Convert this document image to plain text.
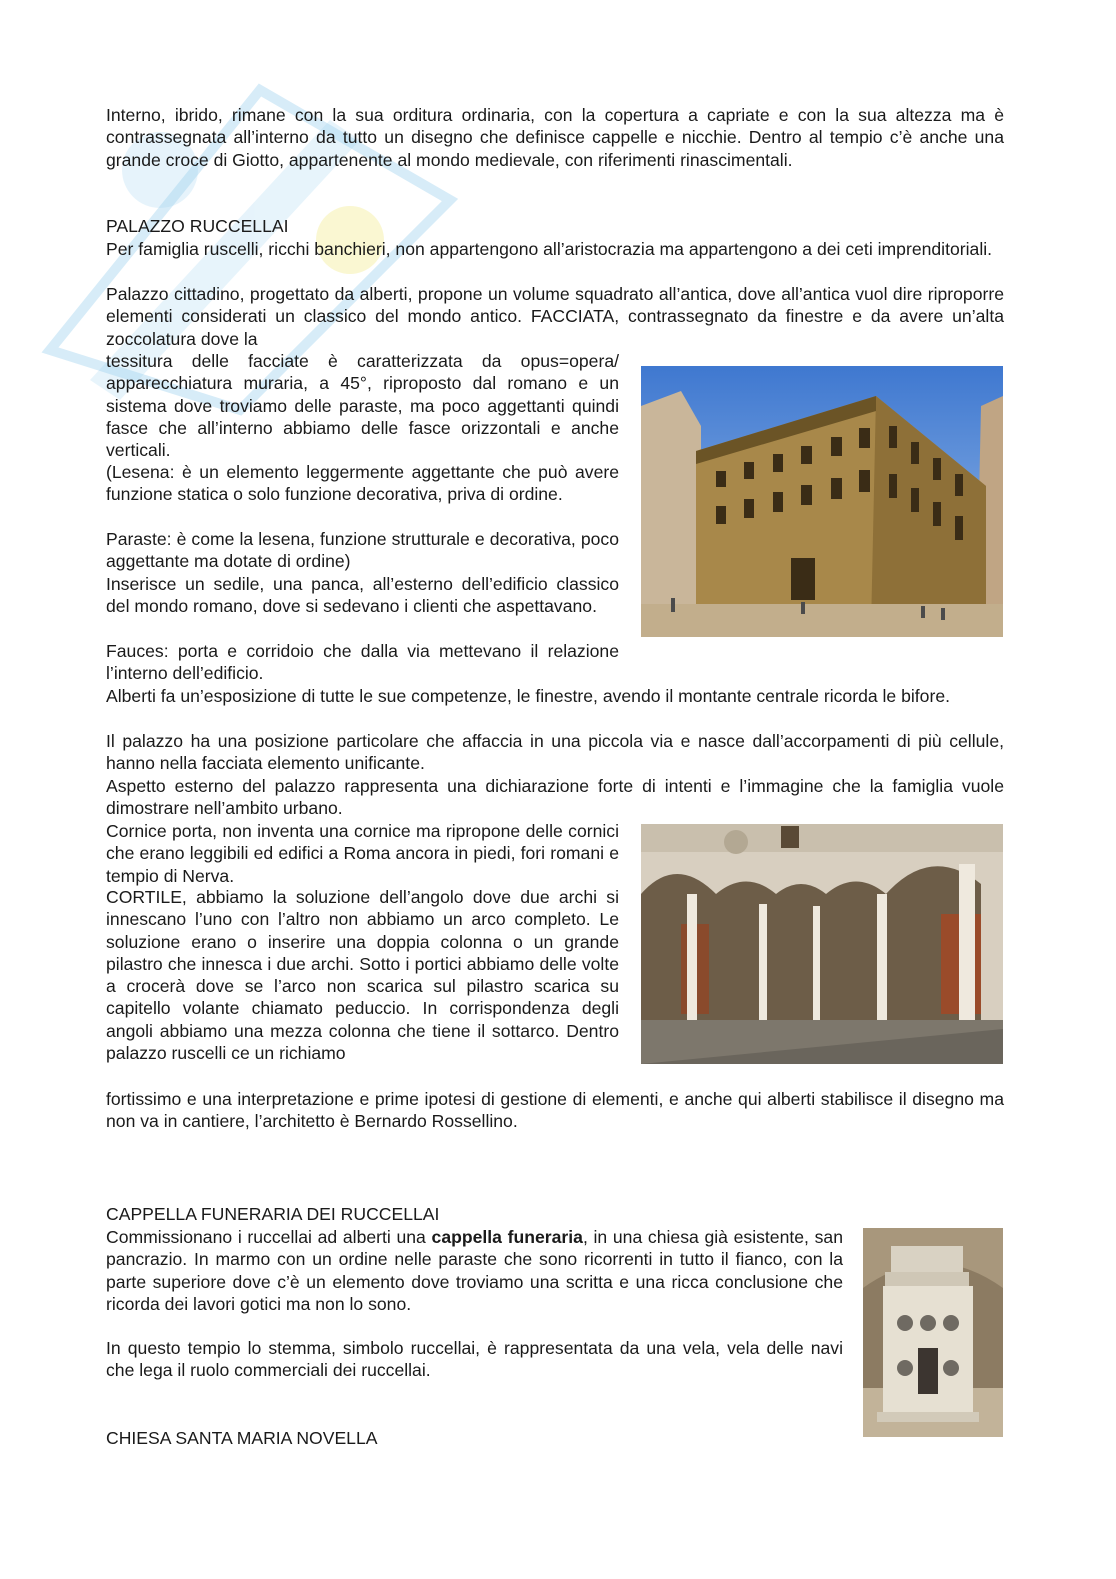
Interno, ibrido, rimane con la sua orditura ordinaria, con la copertura a capriate e con la sua altezza ma è contrassegnata all’interno da tutto un disegno che definisce cappelle e nicchie. Dentro al tempio c’è anche una grande croce di Giotto, appartenente al mondo medievale, con riferimenti rinascimentali.

PALAZZO RUCCELLAI

Per famiglia ruscelli, ricchi banchieri, non appartengono all’aristocrazia ma appartengono a dei ceti imprenditoriali.

Palazzo cittadino, progettato da alberti, propone un volume squadrato all’antica, dove all’antica vuol dire riproporre elementi considerati un classico del mondo antico. FACCIATA, contrassegnato da finestre e da avere un’alta zoccolatura dove la

tessitura delle facciate è caratterizzata da opus=opera/ apparecchiatura muraria, a 45°, riproposto dal romano e un sistema dove troviamo delle paraste, ma poco aggettanti quindi fasce che all’interno abbiamo delle fasce orizzontali e anche verticali.

(Lesena: è un elemento leggermente aggettante che può avere funzione statica o solo funzione decorativa, priva di ordine.

Paraste: è come la lesena, funzione strutturale e decorativa, poco aggettante ma dotate di ordine)

Inserisce un sedile, una panca, all’esterno dell’edificio classico del mondo romano, dove si sedevano i clienti che aspettavano.

Fauces: porta e corridoio che dalla via mettevano il relazione l’interno dell’edificio.

Alberti fa un’esposizione di tutte le sue competenze, le finestre, avendo il montante centrale ricorda le bifore.

Il palazzo ha una posizione particolare che affaccia in una piccola via e nasce dall’accorpamenti di più cellule, hanno nella facciata elemento unificante.

Aspetto esterno del palazzo rappresenta una dichiarazione forte di intenti e l’immagine che la famiglia vuole dimostrare nell’ambito urbano.

Cornice porta, non inventa una cornice ma ripropone delle cornici che erano leggibili ed edifici a Roma ancora in piedi, fori romani e tempio di Nerva.

CORTILE, abbiamo la soluzione dell’angolo dove due archi si innescano l’uno con l’altro non abbiamo un arco completo. Le soluzione erano o inserire una doppia colonna o un grande pilastro che innesca i due archi. Sotto i portici abbiamo delle volte a crocerà dove se l’arco non scarica sul pilastro scarica su capitello volante chiamato peduccio. In corrispondenza degli angoli abbiamo una mezza colonna che tiene il sottarco. Dentro palazzo ruscelli ce un richiamo

fortissimo e una interpretazione e prime ipotesi di gestione di elementi, e anche qui alberti stabilisce il disegno ma non va in cantiere, l’architetto è Bernardo Rossellino.

CAPPELLA FUNERARIA DEI RUCCELLAI

Commissionano i ruccellai ad alberti una cappella funeraria, in una chiesa già esistente, san pancrazio. In marmo con un ordine nelle paraste che sono ricorrenti in tutto il fianco, con la parte superiore dove c’è un elemento dove troviamo una scritta e una ricca conclusione che ricorda dei lavori gotici ma non lo sono.

In questo tempio lo stemma, simbolo ruccellai, è rappresentata da una vela, vela delle navi che lega il ruolo commerciali dei ruccellai.

CHIESA SANTA MARIA NOVELLA
